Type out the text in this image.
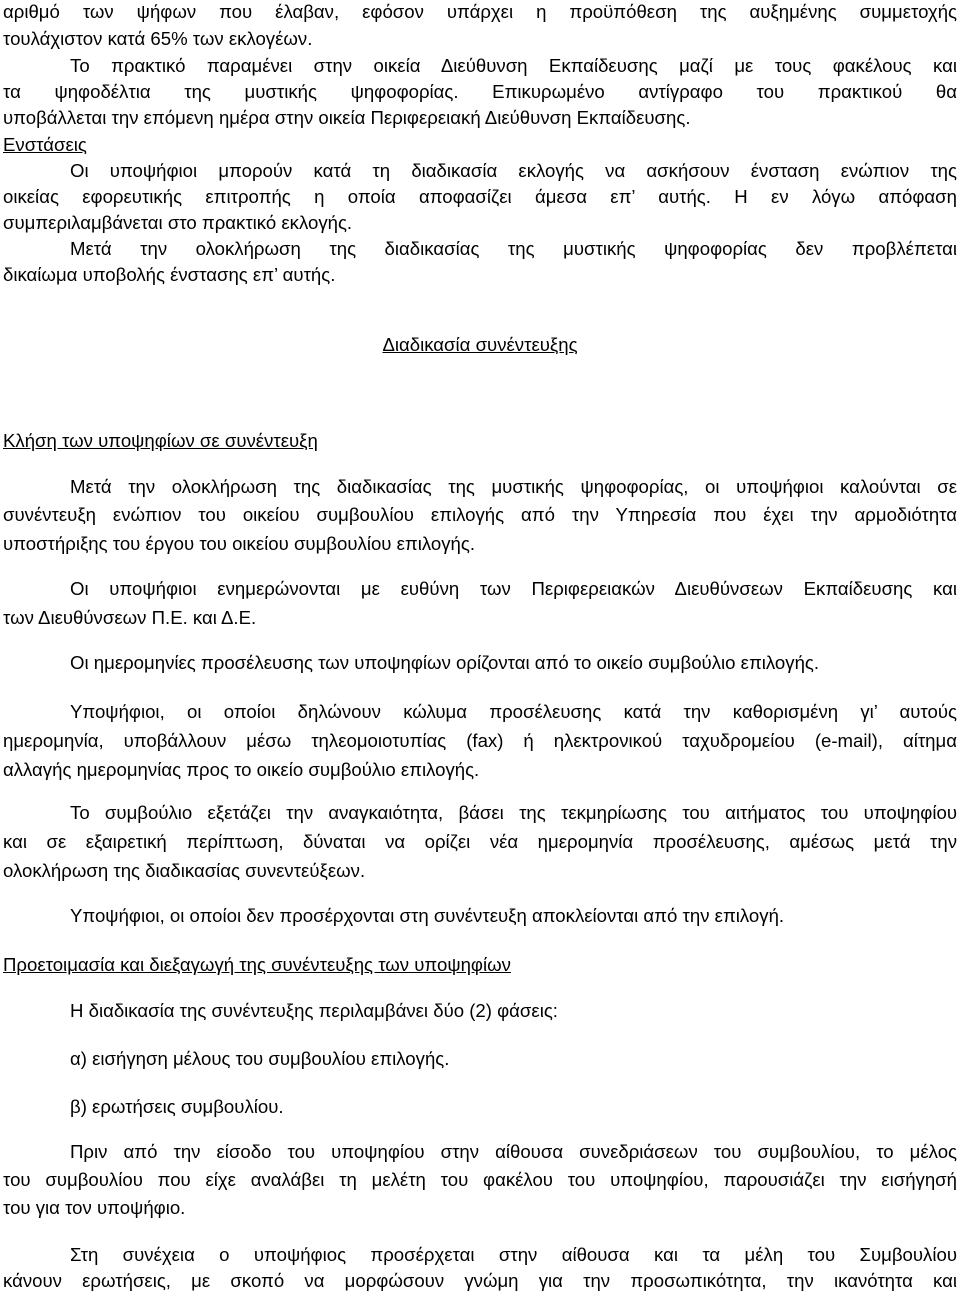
αριθμό των ψήφων που έλαβαν, εφόσον υπάρχει η προϋπόθεση της αυξημένης συμμετοχής
τουλάχιστον κατά 65% των εκλογέων.
Το πρακτικό παραμένει στην οικεία Διεύθυνση Εκπαίδευσης μαζί με τους φακέλους και
τα ψηφοδέλτια της μυστικής ψηφοφορίας. Επικυρωμένο αντίγραφο του πρακτικού θα
υποβάλλεται την επόμενη ημέρα στην οικεία Περιφερειακή Διεύθυνση Εκπαίδευσης.
Ενστάσεις
Οι υποψήφιοι μπορούν κατά τη διαδικασία εκλογής να ασκήσουν ένσταση ενώπιον της
οικείας εφορευτικής επιτροπής η οποία αποφασίζει άμεσα επ’ αυτής. Η εν λόγω απόφαση
συμπεριλαμβάνεται στο πρακτικό εκλογής.
Μετά την ολοκλήρωση της διαδικασίας της μυστικής ψηφοφορίας δεν προβλέπεται
δικαίωμα υποβολής ένστασης επ’ αυτής.
Διαδικασία συνέντευξης
Κλήση των υποψηφίων σε συνέντευξη
Μετά την ολοκλήρωση της διαδικασίας της μυστικής ψηφοφορίας, οι υποψήφιοι καλούνται σε
συνέντευξη ενώπιον του οικείου συμβουλίου επιλογής από την Υπηρεσία που έχει την αρμοδιότητα
υποστήριξης του έργου του οικείου συμβουλίου επιλογής.
Οι υποψήφιοι ενημερώνονται με ευθύνη των Περιφερειακών Διευθύνσεων Εκπαίδευσης και
των Διευθύνσεων Π.Ε. και Δ.Ε.
Οι ημερομηνίες προσέλευσης των υποψηφίων ορίζονται από το οικείο συμβούλιο επιλογής.
Υποψήφιοι, οι οποίοι δηλώνουν κώλυμα προσέλευσης κατά την καθορισμένη γι’ αυτούς
ημερομηνία, υποβάλλουν μέσω τηλεομοιοτυπίας (fax) ή ηλεκτρονικού ταχυδρομείου (e-mail), αίτημα
αλλαγής ημερομηνίας προς το οικείο συμβούλιο επιλογής.
Το συμβούλιο εξετάζει την αναγκαιότητα, βάσει της τεκμηρίωσης του αιτήματος του υποψηφίου
και σε εξαιρετική περίπτωση, δύναται να ορίζει νέα ημερομηνία προσέλευσης, αμέσως μετά την
ολοκλήρωση της διαδικασίας συνεντεύξεων.
Υποψήφιοι, οι οποίοι δεν προσέρχονται στη συνέντευξη αποκλείονται από την επιλογή.
Προετοιμασία και διεξαγωγή της συνέντευξης των υποψηφίων
Η διαδικασία της συνέντευξης περιλαμβάνει δύο (2) φάσεις:
α) εισήγηση μέλους του συμβουλίου επιλογής.
β) ερωτήσεις συμβουλίου.
Πριν από την είσοδο του υποψηφίου στην αίθουσα συνεδριάσεων του συμβουλίου, το μέλος
του συμβουλίου που είχε αναλάβει τη μελέτη του φακέλου του υποψηφίου, παρουσιάζει την εισήγησή
του για τον υποψήφιο.
Στη συνέχεια ο υποψήφιος προσέρχεται στην αίθουσα και τα μέλη του Συμβουλίου
κάνουν ερωτήσεις, με σκοπό να μορφώσουν γνώμη για την προσωπικότητα, την ικανότητα και
